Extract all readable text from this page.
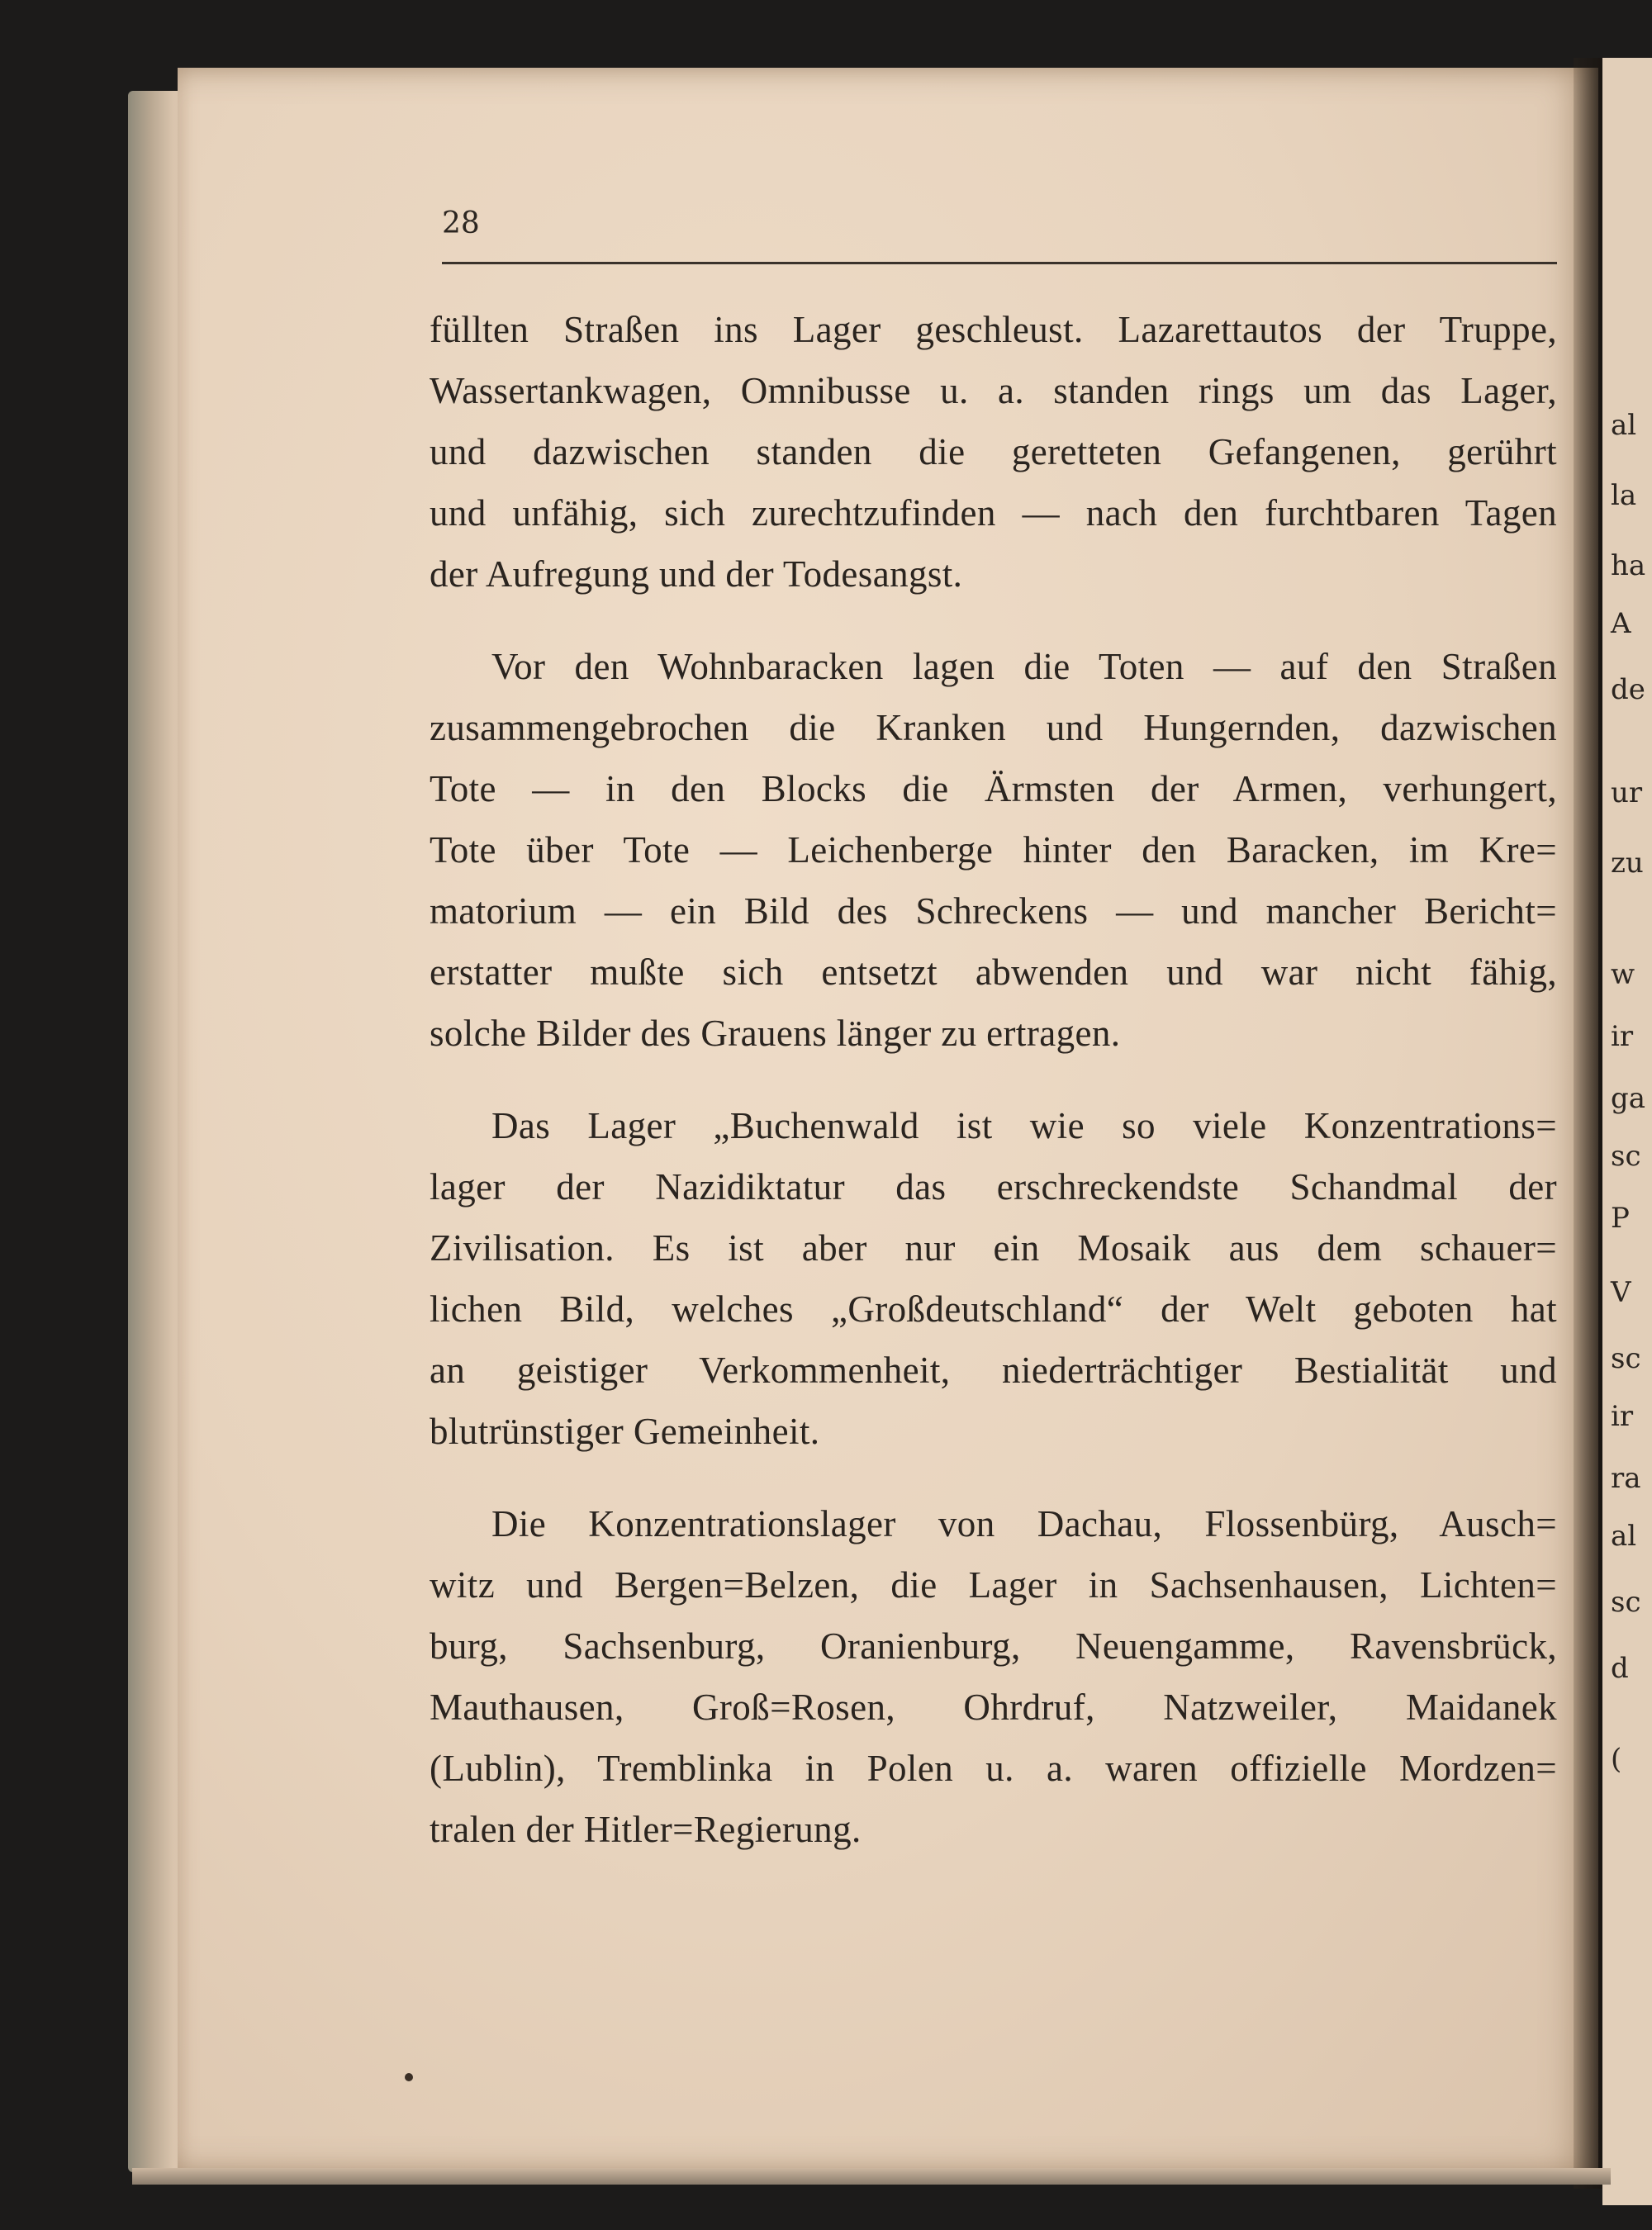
al
la
ha
A
de
ur
zu
w
ir
ga
sc
P
V
sc
ir
ra
al
sc
d
(

28

füllten Straßen ins Lager geschleust. Lazarettautos der Truppe,
Wassertankwagen, Omnibusse u. a. standen rings um das Lager,
und dazwischen standen die geretteten Gefangenen, gerührt
und unfähig, sich zurechtzufinden — nach den furchtbaren Tagen
der Aufregung und der Todesangst.
Vor den Wohnbaracken lagen die Toten — auf den Straßen
zusammengebrochen die Kranken und Hungernden, dazwischen
Tote — in den Blocks die Ärmsten der Armen, verhungert,
Tote über Tote — Leichenberge hinter den Baracken, im Kre=
matorium — ein Bild des Schreckens — und mancher Bericht=
erstatter mußte sich entsetzt abwenden und war nicht fähig,
solche Bilder des Grauens länger zu ertragen.
Das Lager „Buchenwald ist wie so viele Konzentrations=
lager der Nazidiktatur das erschreckendste Schandmal der
Zivilisation. Es ist aber nur ein Mosaik aus dem schauer=
lichen Bild, welches „Großdeutschland“ der Welt geboten hat
an geistiger Verkommenheit, niederträchtiger Bestialität und
blutrünstiger Gemeinheit.
Die Konzentrationslager von Dachau, Flossenbürg, Ausch=
witz und Bergen=Belzen, die Lager in Sachsenhausen, Lichten=
burg, Sachsenburg, Oranienburg, Neuengamme, Ravensbrück,
Mauthausen, Groß=Rosen, Ohrdruf, Natzweiler, Maidanek
(Lublin), Tremblinka in Polen u. a. waren offizielle Mordzen=
tralen der Hitler=Regierung.
